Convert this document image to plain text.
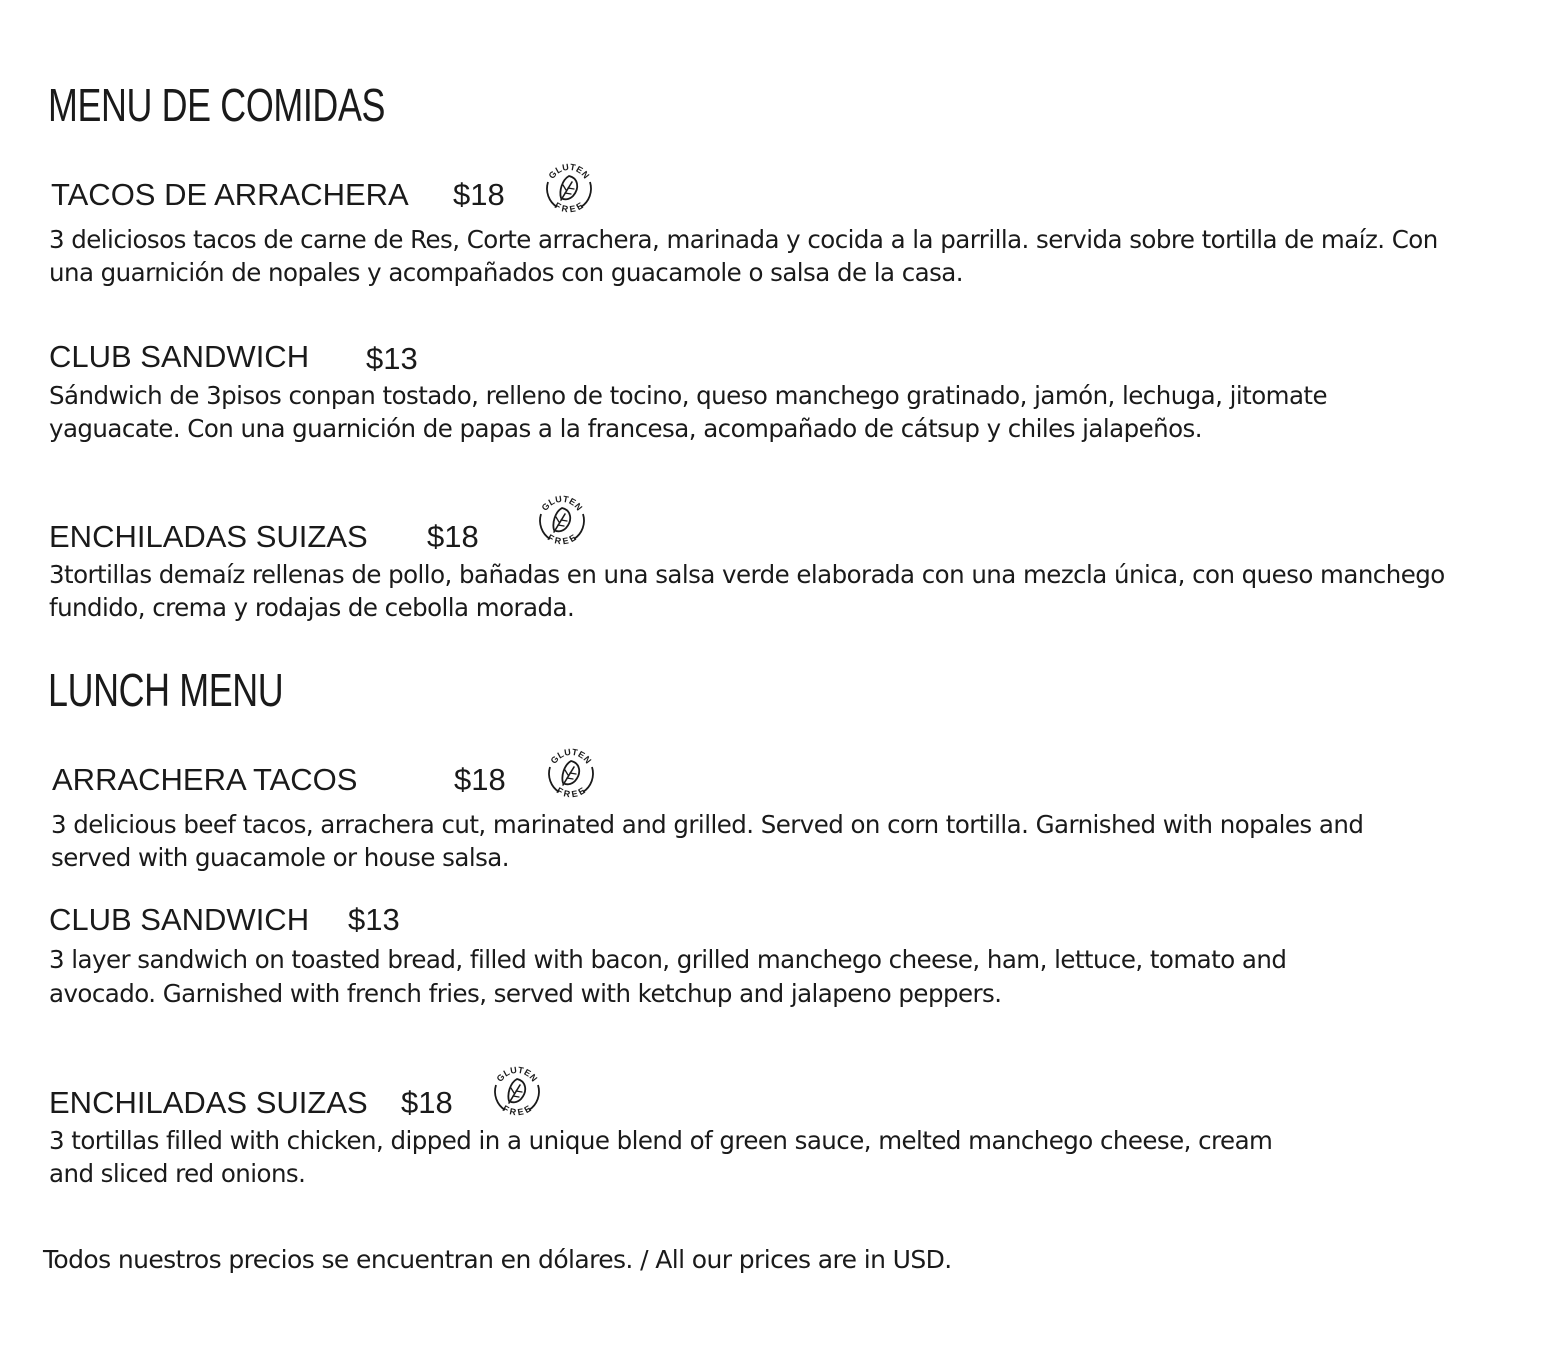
MENU DE COMIDAS
TACOS DE ARRACHERA $18
GLUTEN
FREE

3 deliciosos tacos de carne de Res, Corte arrachera, marinada y cocida a la parrilla. servida sobre tortilla de maíz. Con una guarnición de nopales y acompañados con guacamole o salsa de la casa.

CLUB SANDWICH $13

Sándwich de 3pisos conpan tostado, relleno de tocino, queso manchego gratinado, jamón, lechuga, jitomate yaguacate. Con una guarnición de papas a la francesa, acompañado de cátsup y chiles jalapeños.

ENCHILADAS SUIZAS $18
GLUTEN
FREE

3tortillas demaíz rellenas de pollo, bañadas en una salsa verde elaborada con una mezcla única, con queso manchego fundido, crema y rodajas de cebolla morada.

LUNCH MENU
ARRACHERA TACOS	$18
GLUTEN
FREE

3 delicious beef tacos, arrachera cut, marinated and grilled. Served on corn tortilla. Garnished with nopales and served with guacamole or house salsa.

CLUB SANDWICH $13

3 layer sandwich on toasted bread, filled with bacon, grilled manchego cheese, ham, lettuce, tomato and avocado. Garnished with french fries, served with ketchup and jalapeno peppers.

ENCHILADAS SUIZAS $18
GLUTEN
FREE

3 tortillas filled with chicken, dipped in a unique blend of green sauce, melted manchego cheese, cream and sliced red onions.

Todos nuestros precios se encuentran en dólares. / All our prices are in USD.
